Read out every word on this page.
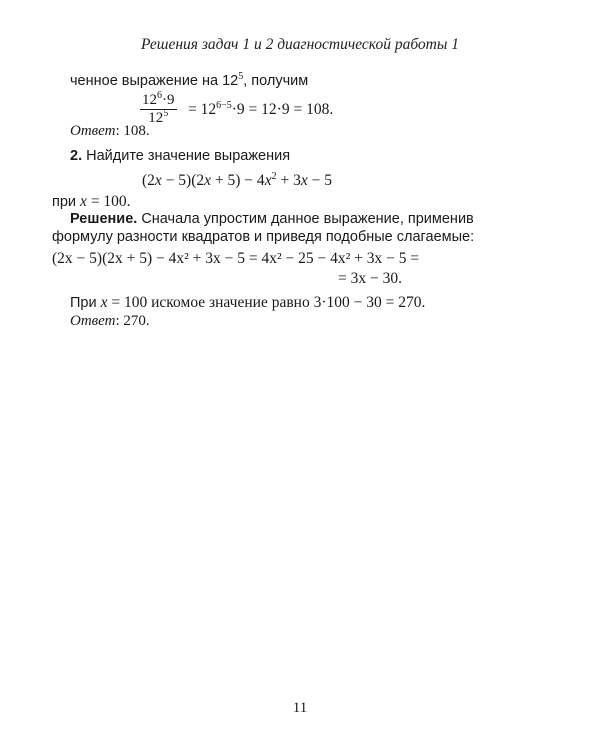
Решения задач 1 и 2 диагностической работы 1
ченное выражение на $12^5$, получим
$\frac{12^6\cdot 9}{12^5} = 12^{6-5}\cdot 9 = 12\cdot 9 = 108$.
Ответ: 108.
2. Найдите значение выражения
$(2x - 5)(2x + 5) - 4x^2 + 3x - 5$
при x = 100.
Решение. Сначала упростим данное выражение, применив
формулу разности квадратов и приведя подобные слагаемые:
(2x − 5)(2x + 5) − 4x² + 3x − 5 = 4x² − 25 − 4x² + 3x − 5 =
= 3x − 30.
При x = 100 искомое значение равно 3·100 − 30 = 270.
Ответ: 270.
11
